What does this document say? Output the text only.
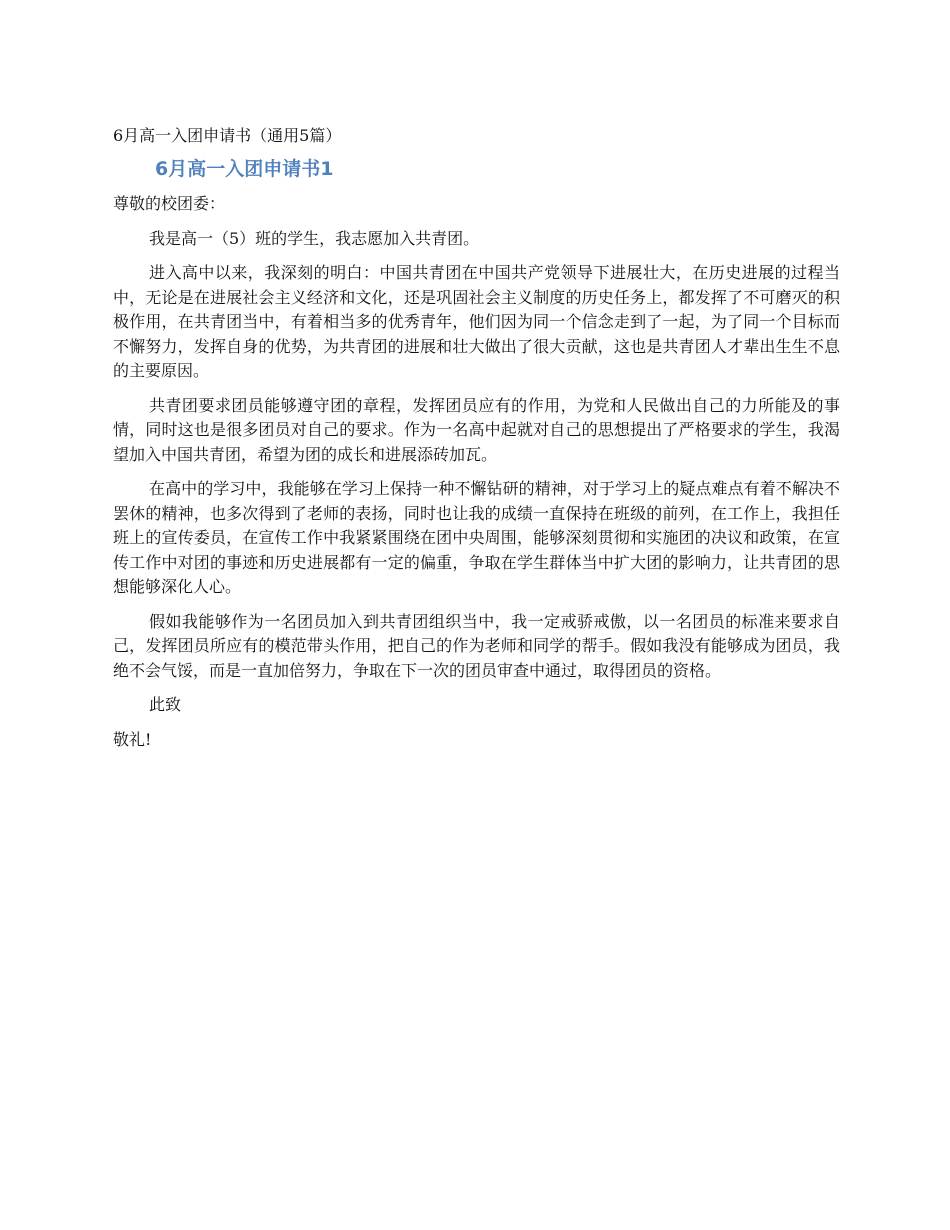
6月高一入团申请书（通用5篇）
6月高一入团申请书1

尊敬的校团委：

我是高一（5）班的学生，我志愿加入共青团。

进入高中以来，我深刻的明白：中国共青团在中国共产党领导下进展壮大，在历史进展的过程当中，无论是在进展社会主义经济和文化，还是巩固社会主义制度的历史任务上，都发挥了不可磨灭的积极作用，在共青团当中，有着相当多的优秀青年，他们因为同一个信念走到了一起，为了同一个目标而不懈努力，发挥自身的优势，为共青团的进展和壮大做出了很大贡献，这也是共青团人才辈出生生不息的主要原因。

共青团要求团员能够遵守团的章程，发挥团员应有的作用，为党和人民做出自己的力所能及的事情，同时这也是很多团员对自己的要求。作为一名高中起就对自己的思想提出了严格要求的学生，我渴望加入中国共青团，希望为团的成长和进展添砖加瓦。

在高中的学习中，我能够在学习上保持一种不懈钻研的精神，对于学习上的疑点难点有着不解决不罢休的精神，也多次得到了老师的表扬，同时也让我的成绩一直保持在班级的前列，在工作上，我担任班上的宣传委员，在宣传工作中我紧紧围绕在团中央周围，能够深刻贯彻和实施团的决议和政策，在宣传工作中对团的事迹和历史进展都有一定的偏重，争取在学生群体当中扩大团的影响力，让共青团的思想能够深化人心。

假如我能够作为一名团员加入到共青团组织当中，我一定戒骄戒傲，以一名团员的标准来要求自己，发挥团员所应有的模范带头作用，把自己的作为老师和同学的帮手。假如我没有能够成为团员，我绝不会气馁，而是一直加倍努力，争取在下一次的团员审查中通过，取得团员的资格。

此致

敬礼!
